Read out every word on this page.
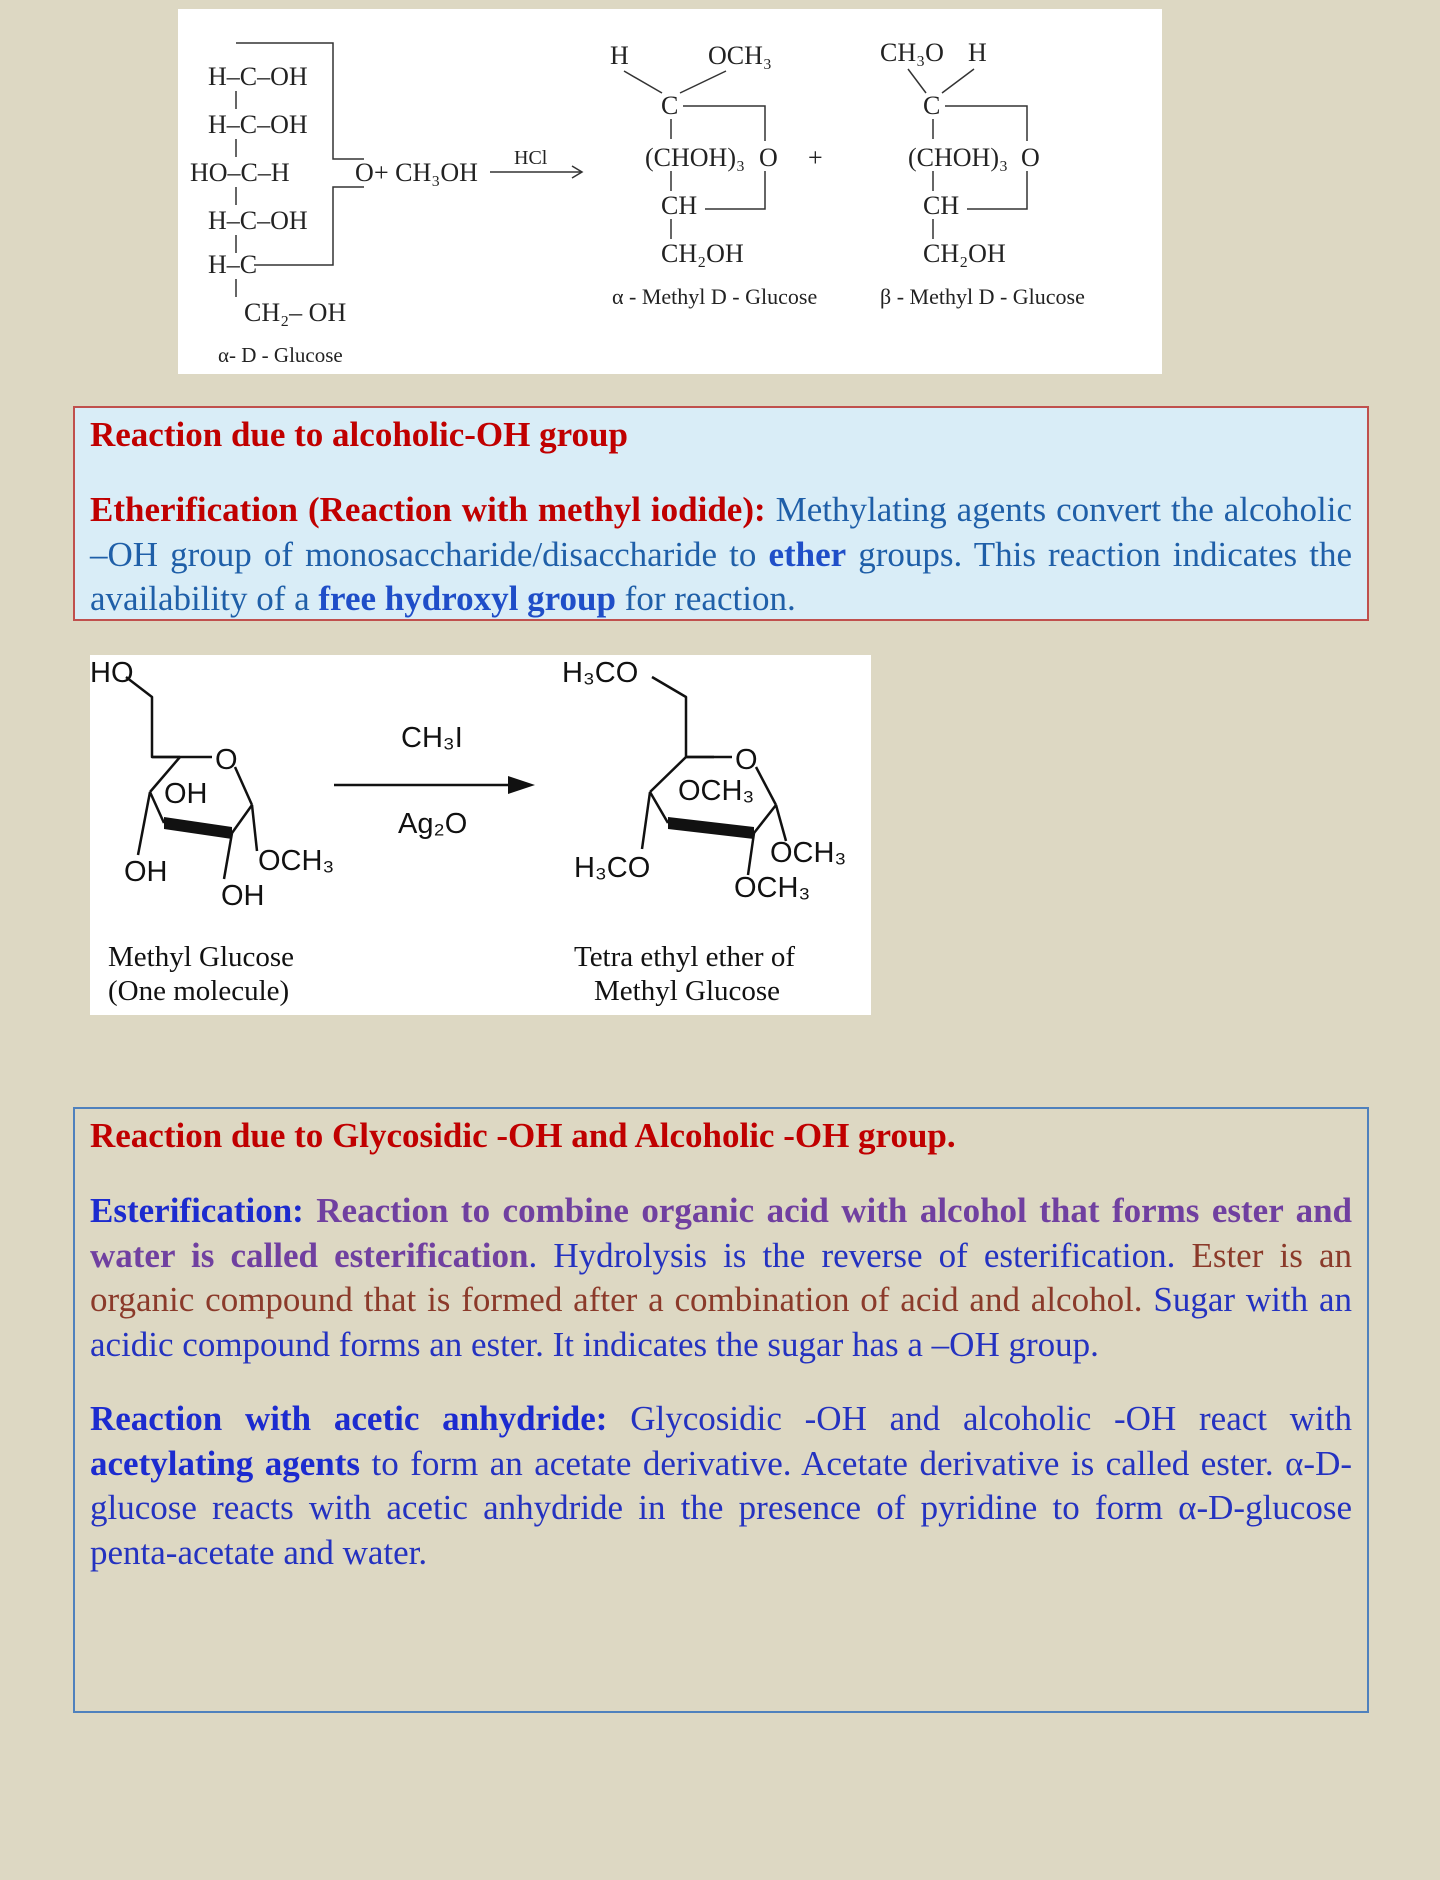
H–C–OH
H–C–OH
HO–C–H
H–C–OH
H–C
CH₂– OH
α- D - Glucose
O + CH₃OH HCl
H	OCH₃
C
(CHOH)₃ O
CH
CH₂OH
α - Methyl D - Glucose
+
CH₃O H
C
(CHOH)₃ O
CH
CH₂OH
β - Methyl D - Glucose
Reaction due to alcoholic-OH group
Etherification (Reaction with methyl iodide): Methylating agents convert the alcoholic –OH group of monosaccharide/disaccharide to ether groups. This reaction indicates the availability of a free hydroxyl group for reaction.
HO
O
OH
OH
OH
OCH₃
Methyl Glucose
(One molecule)
CH₃I
Ag₂O
H₃CO
O
OCH₃
H₃CO	OCH₃
OCH₃
Tetra ethyl ether of
Methyl Glucose
Reaction due to Glycosidic -OH and Alcoholic -OH group.
Esterification: Reaction to combine organic acid with alcohol that forms ester and water is called esterification. Hydrolysis is the reverse of esterification. Ester is an organic compound that is formed after a combination of acid and alcohol. Sugar with an acidic compound forms an ester. It indicates the sugar has a –OH group.
Reaction with acetic anhydride: Glycosidic -OH and alcoholic -OH react with acetylating agents to form an acetate derivative. Acetate derivative is called ester. α-D-glucose reacts with acetic anhydride in the presence of pyridine to form α-D-glucose penta-acetate and water.
